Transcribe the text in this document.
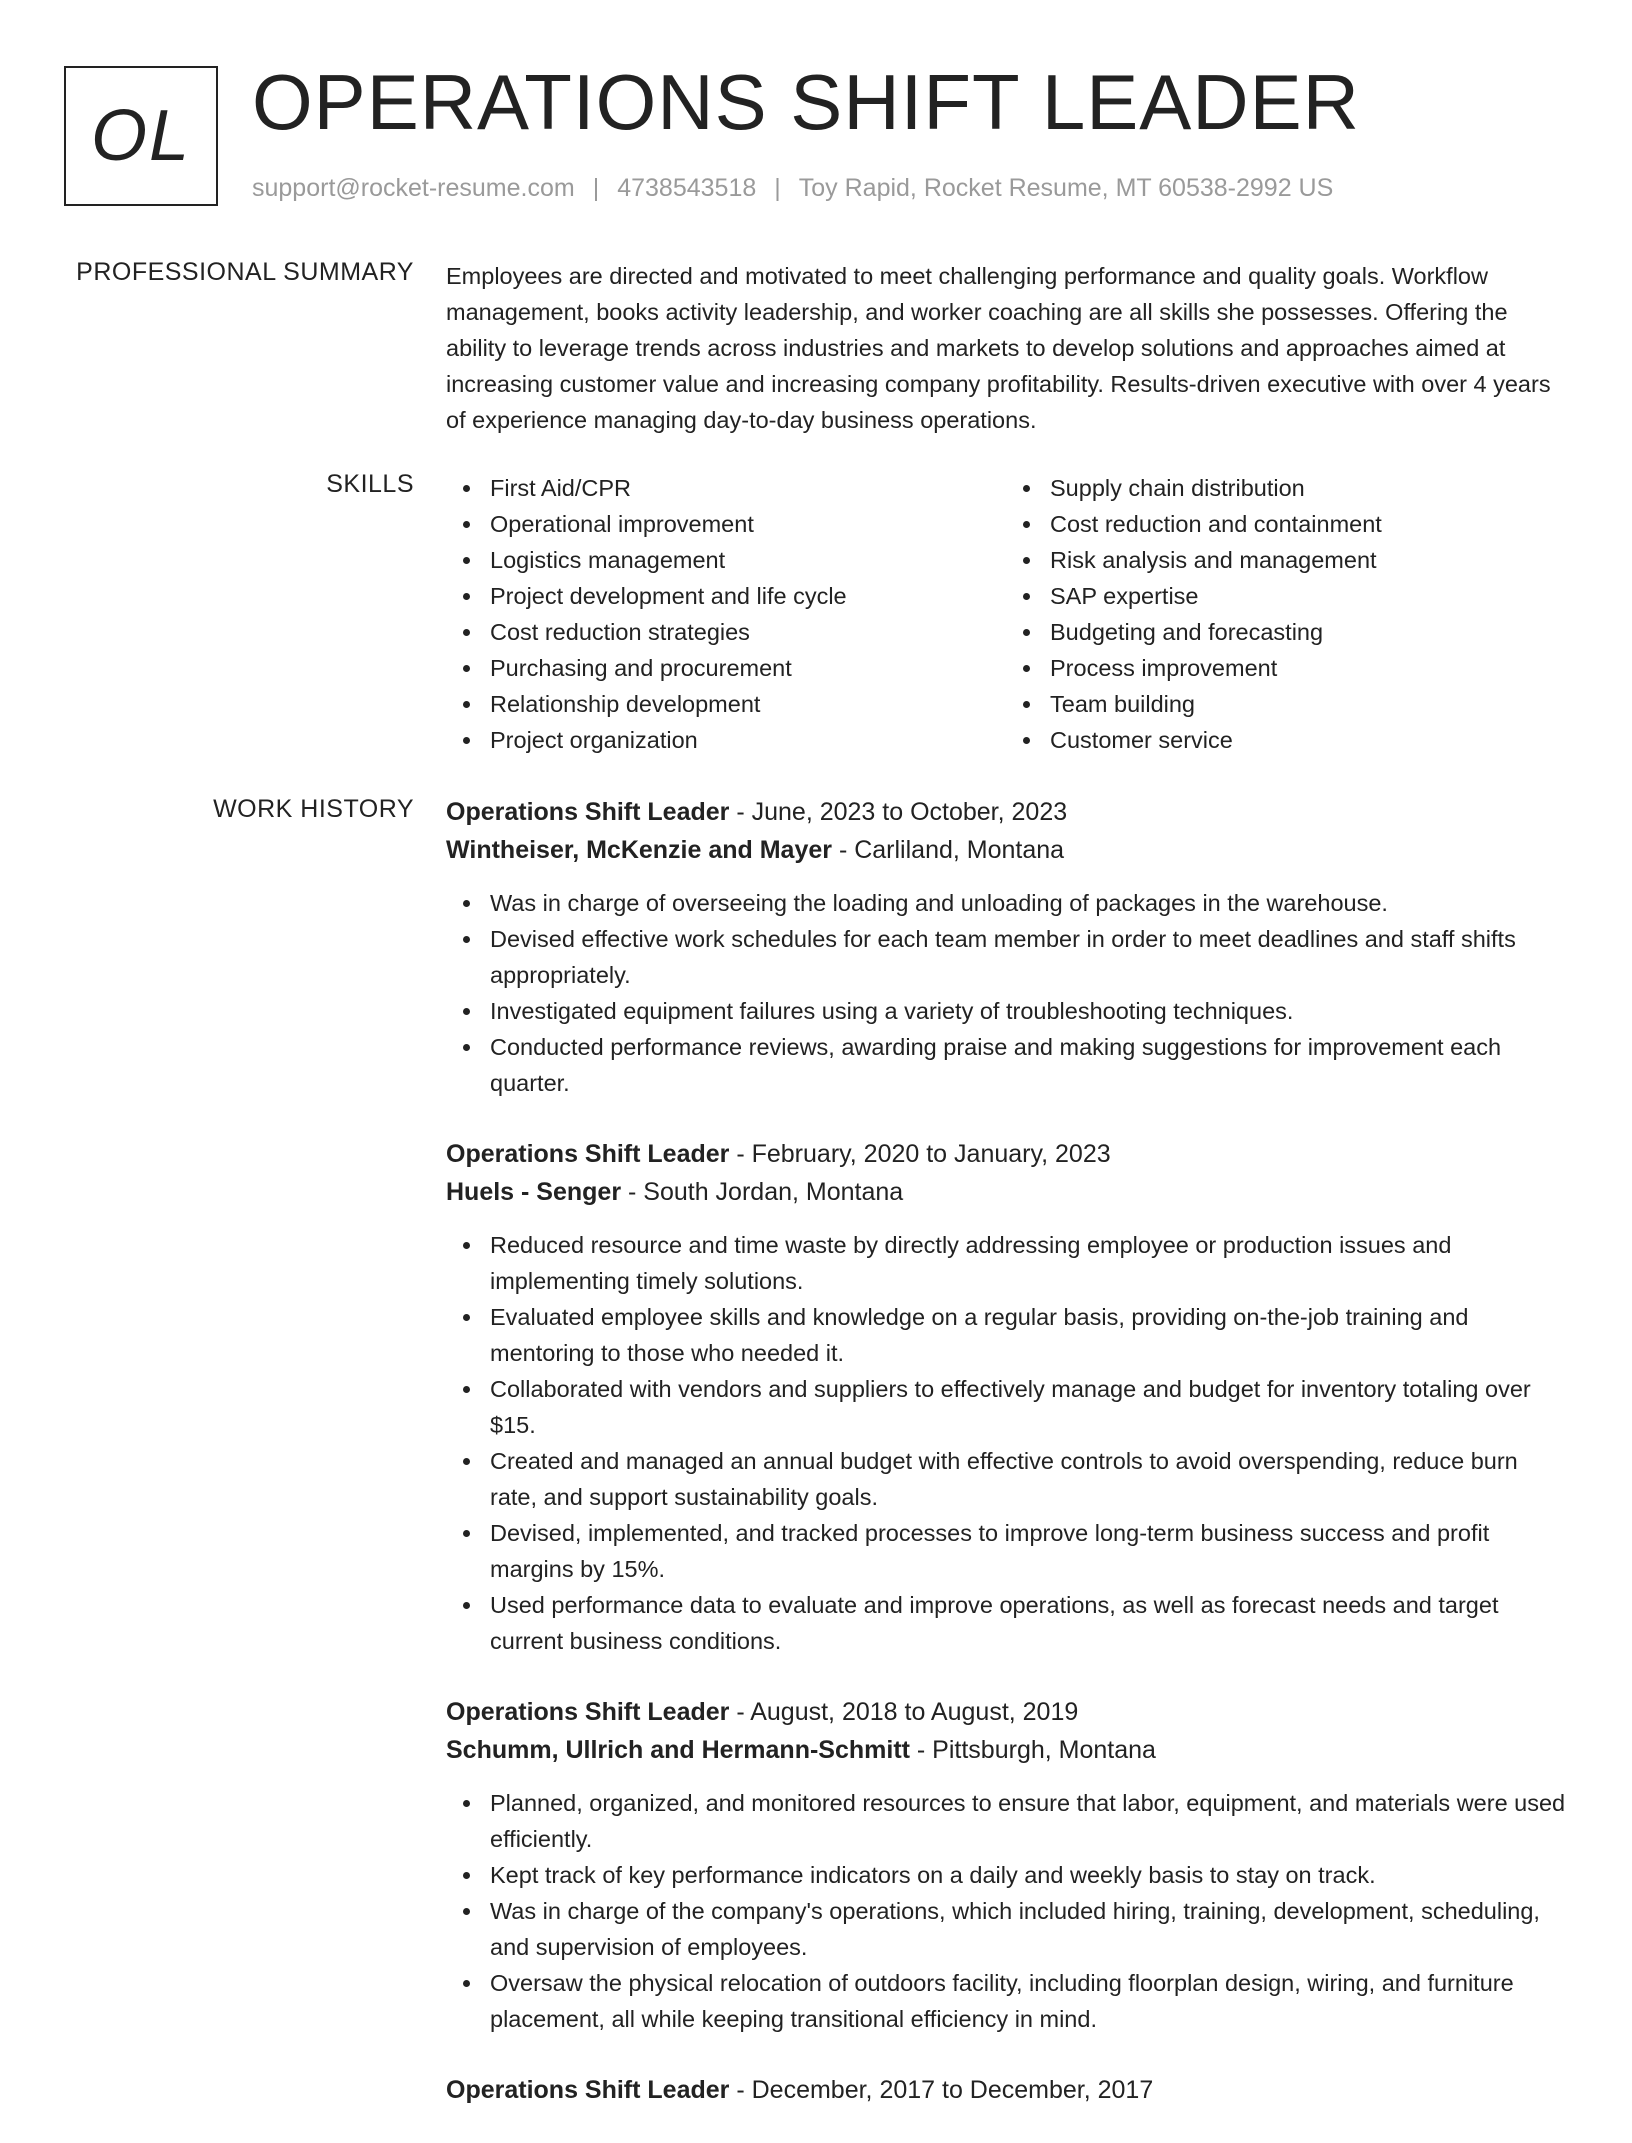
OL OPERATIONS SHIFT LEADER
support@rocket-resume.com | 4738543518 | Toy Rapid, Rocket Resume, MT 60538-2992 US
PROFESSIONAL SUMMARY Employees are directed and motivated to meet challenging performance and quality goals. Workflow management, books activity leadership, and worker coaching are all skills she possesses. Offering the ability to leverage trends across industries and markets to develop solutions and approaches aimed at increasing customer value and increasing company profitability. Results-driven executive with over 4 years of experience managing day-to-day business operations.

SKILLS	First Aid/CPR
Operational improvement
Logistics management
Project development and life cycle
Cost reduction strategies
Purchasing and procurement
Relationship development
Project organization
Supply chain distribution
Cost reduction and containment
Risk analysis and management
SAP expertise
Budgeting and forecasting
Process improvement
Team building
Customer service
WORK HISTORY Operations Shift Leader - June, 2023 to October, 2023
Wintheiser, McKenzie and Mayer - Carliland, Montana
Was in charge of overseeing the loading and unloading of packages in the warehouse.
Devised effective work schedules for each team member in order to meet deadlines and staff shifts appropriately.
Investigated equipment failures using a variety of troubleshooting techniques.
Conducted performance reviews, awarding praise and making suggestions for improvement each quarter.
Operations Shift Leader - February, 2020 to January, 2023
Huels - Senger - South Jordan, Montana
Reduced resource and time waste by directly addressing employee or production issues and implementing timely solutions.
Evaluated employee skills and knowledge on a regular basis, providing on-the-job training and mentoring to those who needed it.
Collaborated with vendors and suppliers to effectively manage and budget for inventory totaling over $15.
Created and managed an annual budget with effective controls to avoid overspending, reduce burn rate, and support sustainability goals.
Devised, implemented, and tracked processes to improve long-term business success and profit margins by 15%.
Used performance data to evaluate and improve operations, as well as forecast needs and target current business conditions.
Operations Shift Leader - August, 2018 to August, 2019
Schumm, Ullrich and Hermann-Schmitt - Pittsburgh, Montana
Planned, organized, and monitored resources to ensure that labor, equipment, and materials were used efficiently.
Kept track of key performance indicators on a daily and weekly basis to stay on track.
Was in charge of the company's operations, which included hiring, training, development, scheduling, and supervision of employees.
Oversaw the physical relocation of outdoors facility, including floorplan design, wiring, and furniture placement, all while keeping transitional efficiency in mind.
Operations Shift Leader - December, 2017 to December, 2017
